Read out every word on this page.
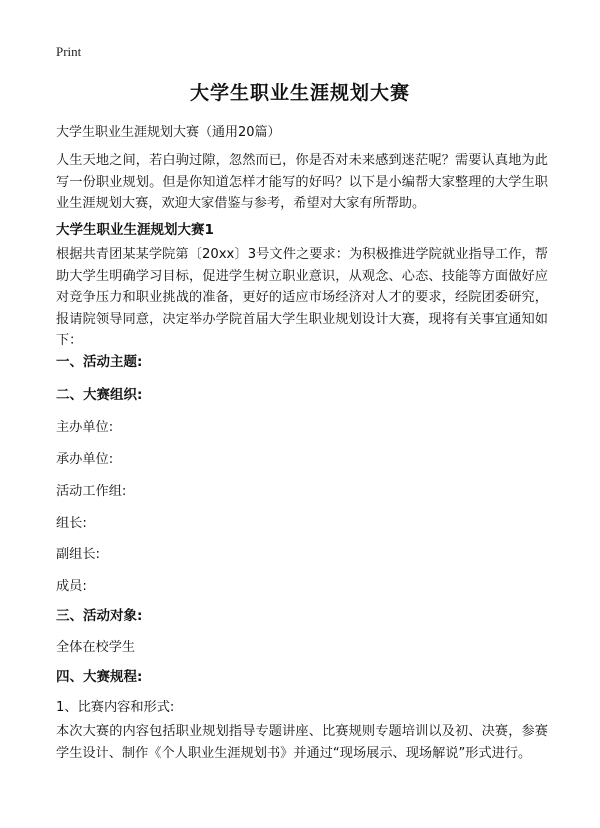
Print
大学生职业生涯规划大赛
大学生职业生涯规划大赛（通用20篇）
人生天地之间，若白驹过隙，忽然而已，你是否对未来感到迷茫呢？需要认真地为此写一份职业规划。但是你知道怎样才能写的好吗？以下是小编帮大家整理的大学生职业生涯规划大赛，欢迎大家借鉴与参考，希望对大家有所帮助。
大学生职业生涯规划大赛1
根据共青团某某学院第〔20xx〕3号文件之要求：为积极推进学院就业指导工作，帮助大学生明确学习目标，促进学生树立职业意识，从观念、心态、技能等方面做好应对竞争压力和职业挑战的准备，更好的适应市场经济对人才的要求，经院团委研究，报请院领导同意，决定举办学院首届大学生职业规划设计大赛，现将有关事宜通知如下：
一、活动主题:
二、大赛组织:
主办单位:
承办单位:
活动工作组:
组长:
副组长:
成员:
三、活动对象:
全体在校学生
四、大赛规程:
1、比赛内容和形式:
本次大赛的内容包括职业规划指导专题讲座、比赛规则专题培训以及初、决赛，参赛学生设计、制作《个人职业生涯规划书》并通过“现场展示、现场解说”形式进行。
